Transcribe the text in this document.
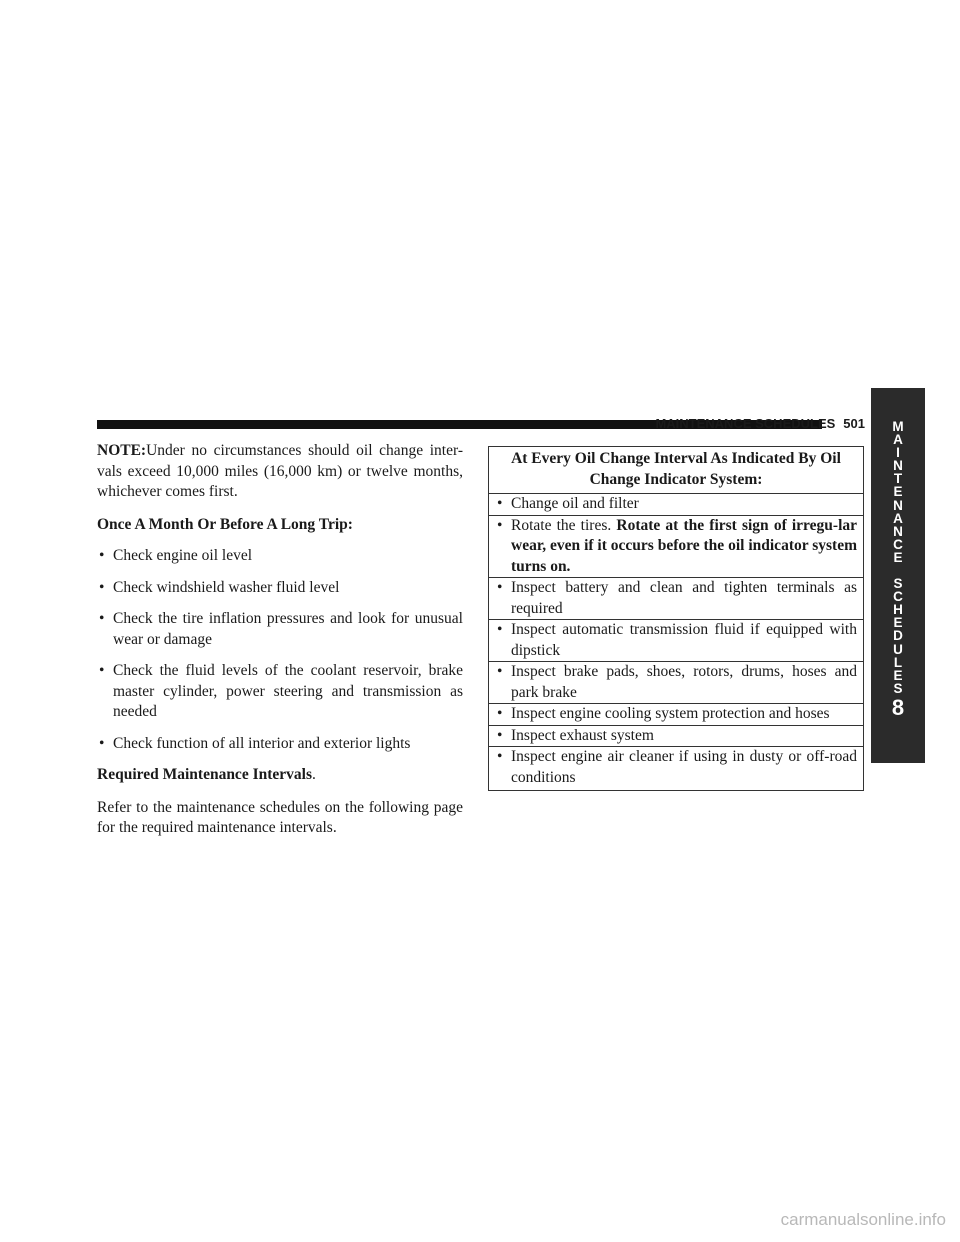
MAINTENANCE SCHEDULES 501 M
A
I
N
T
E
N
A
N
C
E
S
C
H
E
D
U
L
E
S
8

NOTE:Under no circumstances should oil change inter-vals exceed 10,000 miles (16,000 km) or twelve months, whichever comes first.

Once A Month Or Before A Long Trip:

• Check engine oil level
• Check windshield washer fluid level
• Check the tire inflation pressures and look for unusual wear or damage
• Check the fluid levels of the coolant reservoir, brake master cylinder, power steering and transmission as needed
• Check function of all interior and exterior lights

Required Maintenance Intervals.

Refer to the maintenance schedules on the following page for the required maintenance intervals.

At Every Oil Change Interval As Indicated By Oil Change Indicator System:
• Change oil and filter
• Rotate the tires. Rotate at the first sign of irregu-lar wear, even if it occurs before the oil indicator system turns on.
• Inspect battery and clean and tighten terminals as required
• Inspect automatic transmission fluid if equipped with dipstick
• Inspect brake pads, shoes, rotors, drums, hoses and park brake
• Inspect engine cooling system protection and hoses
• Inspect exhaust system
• Inspect engine air cleaner if using in dusty or off-road conditions
carmanualsonline.info
